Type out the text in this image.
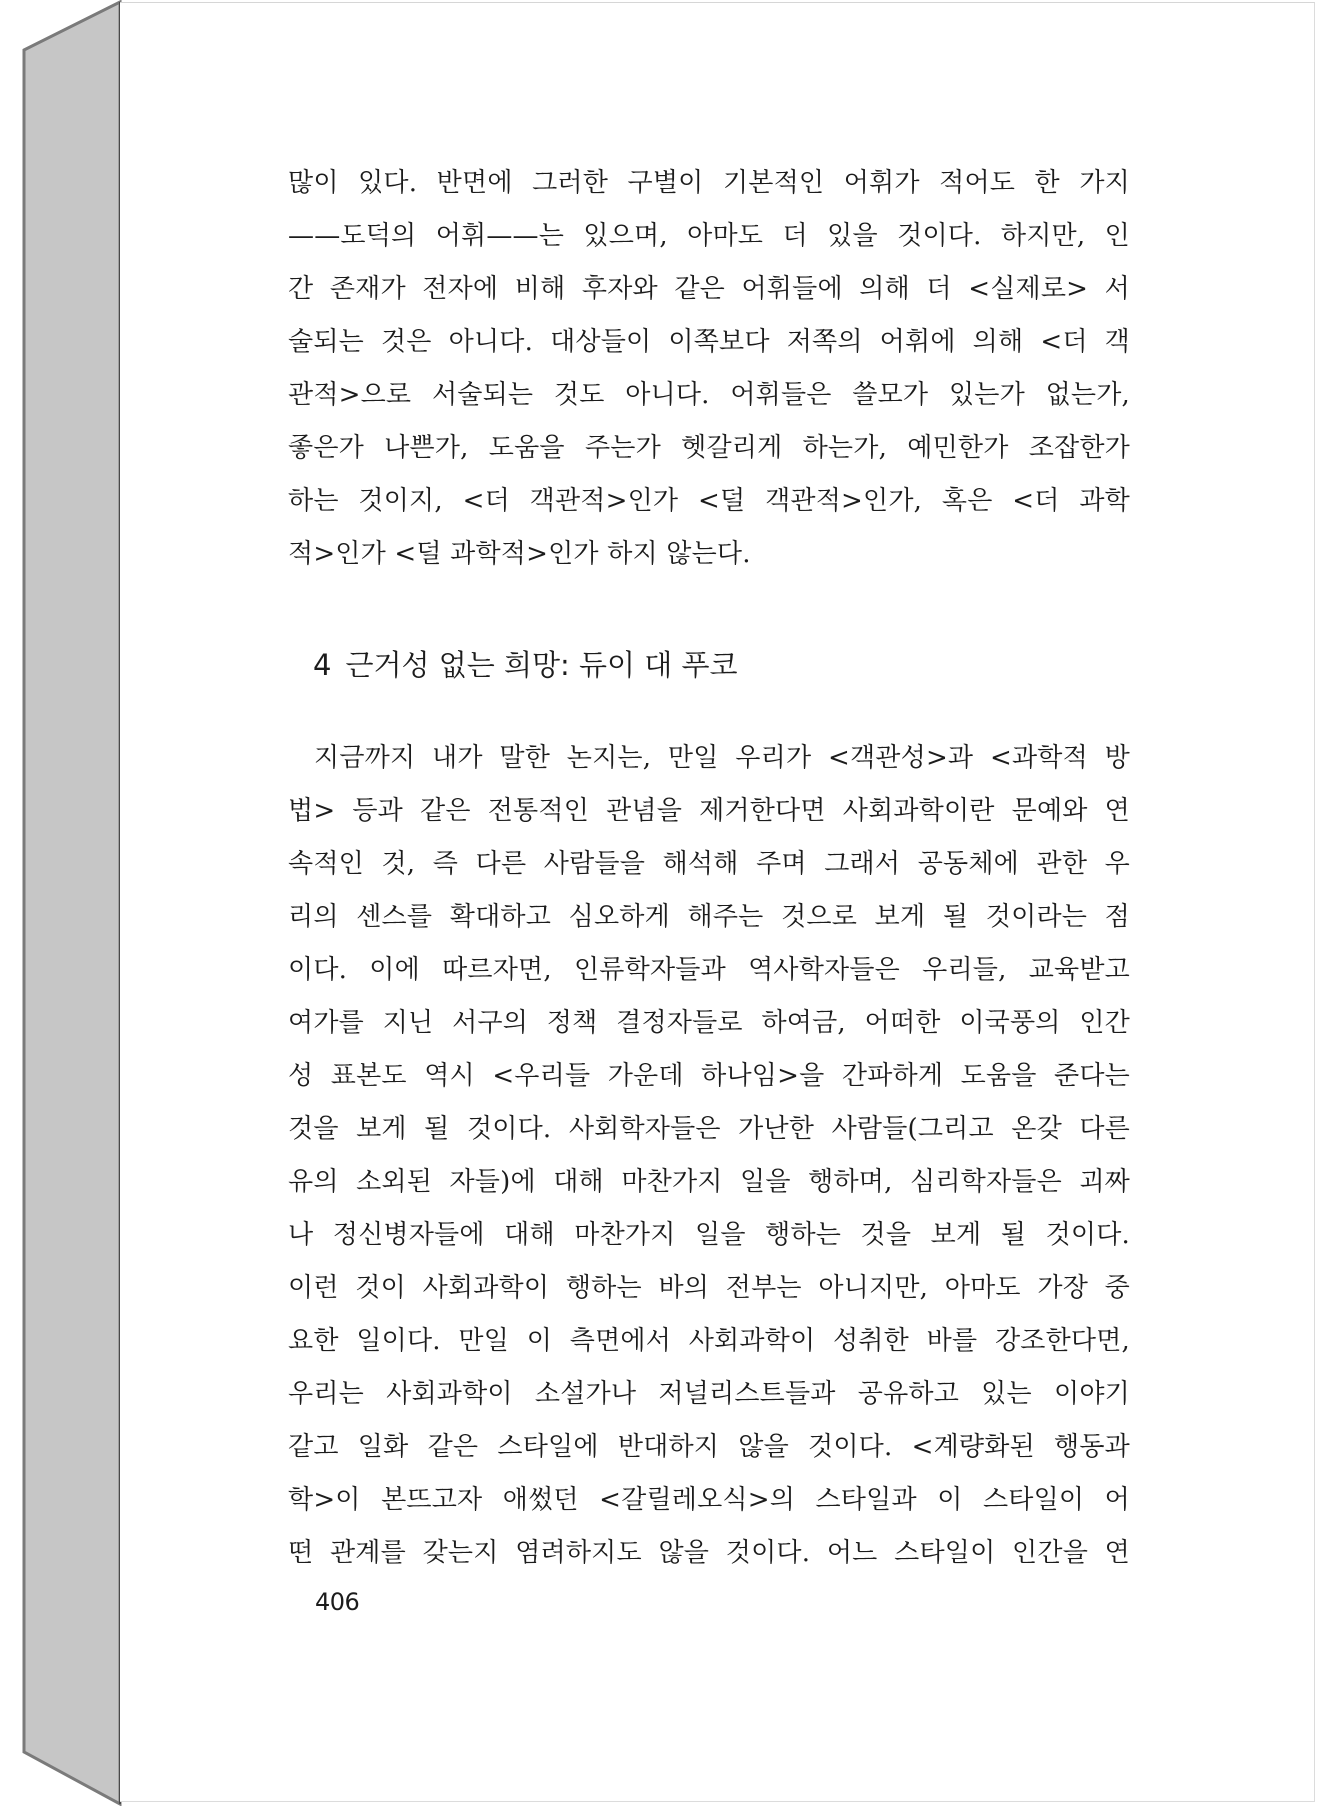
많이 있다. 반면에 그러한 구별이 기본적인 어휘가 적어도 한 가지
——도덕의 어휘——는 있으며, 아마도 더 있을 것이다. 하지만, 인
간 존재가 전자에 비해 후자와 같은 어휘들에 의해 더 <실제로> 서
술되는 것은 아니다. 대상들이 이쪽보다 저쪽의 어휘에 의해 <더 객
관적>으로 서술되는 것도 아니다. 어휘들은 쓸모가 있는가 없는가,
좋은가 나쁜가, 도움을 주는가 헷갈리게 하는가, 예민한가 조잡한가
하는 것이지, <더 객관적>인가 <덜 객관적>인가, 혹은 <더 과학
적>인가 <덜 과학적>인가 하지 않는다.
4 근거성 없는 희망: 듀이 대 푸코
지금까지 내가 말한 논지는, 만일 우리가 <객관성>과 <과학적 방
법> 등과 같은 전통적인 관념을 제거한다면 사회과학이란 문예와 연
속적인 것, 즉 다른 사람들을 해석해 주며 그래서 공동체에 관한 우
리의 센스를 확대하고 심오하게 해주는 것으로 보게 될 것이라는 점
이다. 이에 따르자면, 인류학자들과 역사학자들은 우리들, 교육받고
여가를 지닌 서구의 정책 결정자들로 하여금, 어떠한 이국풍의 인간
성 표본도 역시 <우리들 가운데 하나임>을 간파하게 도움을 준다는
것을 보게 될 것이다. 사회학자들은 가난한 사람들(그리고 온갖 다른
유의 소외된 자들)에 대해 마찬가지 일을 행하며, 심리학자들은 괴짜
나 정신병자들에 대해 마찬가지 일을 행하는 것을 보게 될 것이다.
이런 것이 사회과학이 행하는 바의 전부는 아니지만, 아마도 가장 중
요한 일이다. 만일 이 측면에서 사회과학이 성취한 바를 강조한다면,
우리는 사회과학이 소설가나 저널리스트들과 공유하고 있는 이야기
같고 일화 같은 스타일에 반대하지 않을 것이다. <계량화된 행동과
학>이 본뜨고자 애썼던 <갈릴레오식>의 스타일과 이 스타일이 어
떤 관계를 갖는지 염려하지도 않을 것이다. 어느 스타일이 인간을 연
406
